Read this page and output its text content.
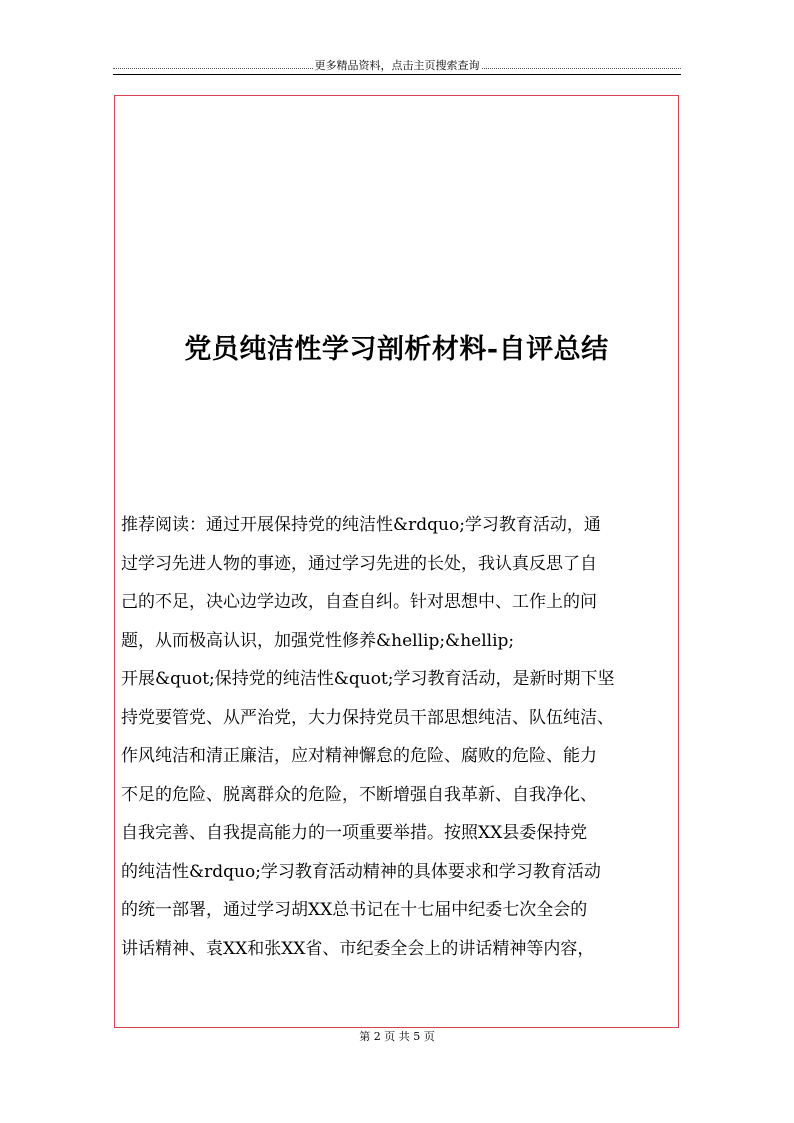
更多精品资料，点击主页搜索查询
党员纯洁性学习剖析材料-自评总结
推荐阅读：通过开展保持党的纯洁性&rdquo;学习教育活动，通
过学习先进人物的事迹，通过学习先进的长处，我认真反思了自
己的不足，决心边学边改，自查自纠。针对思想中、工作上的问
题，从而极高认识，加强党性修养&hellip;&hellip;
开展&quot;保持党的纯洁性&quot;学习教育活动，是新时期下坚
持党要管党、从严治党，大力保持党员干部思想纯洁、队伍纯洁、
作风纯洁和清正廉洁，应对精神懈怠的危险、腐败的危险、能力
不足的危险、脱离群众的危险，不断增强自我革新、自我净化、
自我完善、自我提高能力的一项重要举措。按照XX县委保持党
的纯洁性&rdquo;学习教育活动精神的具体要求和学习教育活动
的统一部署，通过学习胡XX总书记在十七届中纪委七次全会的
讲话精神、袁XX和张XX省、市纪委全会上的讲话精神等内容，
第 2 页 共 5 页
